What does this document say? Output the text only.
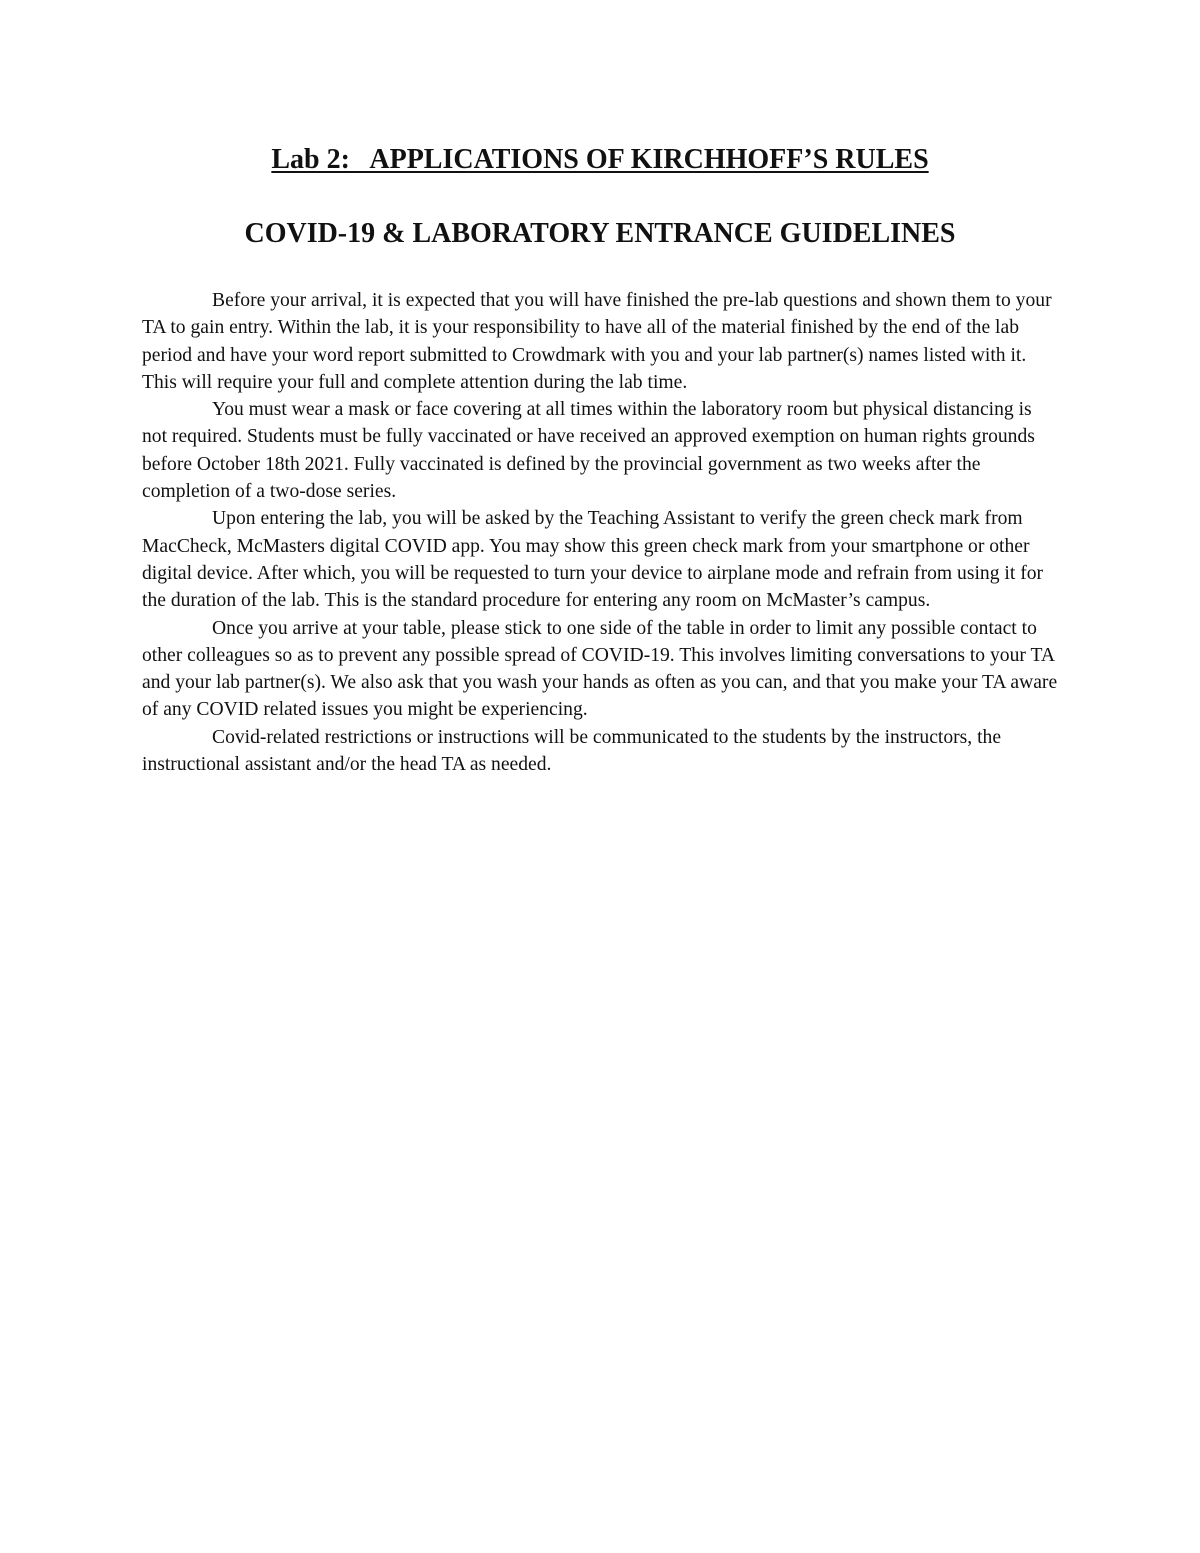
Lab 2:   APPLICATIONS OF KIRCHHOFF’S RULES
COVID-19 & LABORATORY ENTRANCE GUIDELINES

Before your arrival, it is expected that you will have finished the pre-lab questions and shown them to your TA to gain entry. Within the lab, it is your responsibility to have all of the material finished by the end of the lab period and have your word report submitted to Crowdmark with you and your lab partner(s) names listed with it. This will require your full and complete attention during the lab time.

You must wear a mask or face covering at all times within the laboratory room but physical distancing is not required. Students must be fully vaccinated or have received an approved exemption on human rights grounds before October 18th 2021. Fully vaccinated is defined by the provincial government as two weeks after the completion of a two-dose series.

Upon entering the lab, you will be asked by the Teaching Assistant to verify the green check mark from MacCheck, McMasters digital COVID app. You may show this green check mark from your smartphone or other digital device. After which, you will be requested to turn your device to airplane mode and refrain from using it for the duration of the lab. This is the standard procedure for entering any room on McMaster’s campus.

Once you arrive at your table, please stick to one side of the table in order to limit any possible contact to other colleagues so as to prevent any possible spread of COVID-19. This involves limiting conversations to your TA and your lab partner(s). We also ask that you wash your hands as often as you can, and that you make your TA aware of any COVID related issues you might be experiencing.

Covid-related restrictions or instructions will be communicated to the students by the instructors, the instructional assistant and/or the head TA as needed.
